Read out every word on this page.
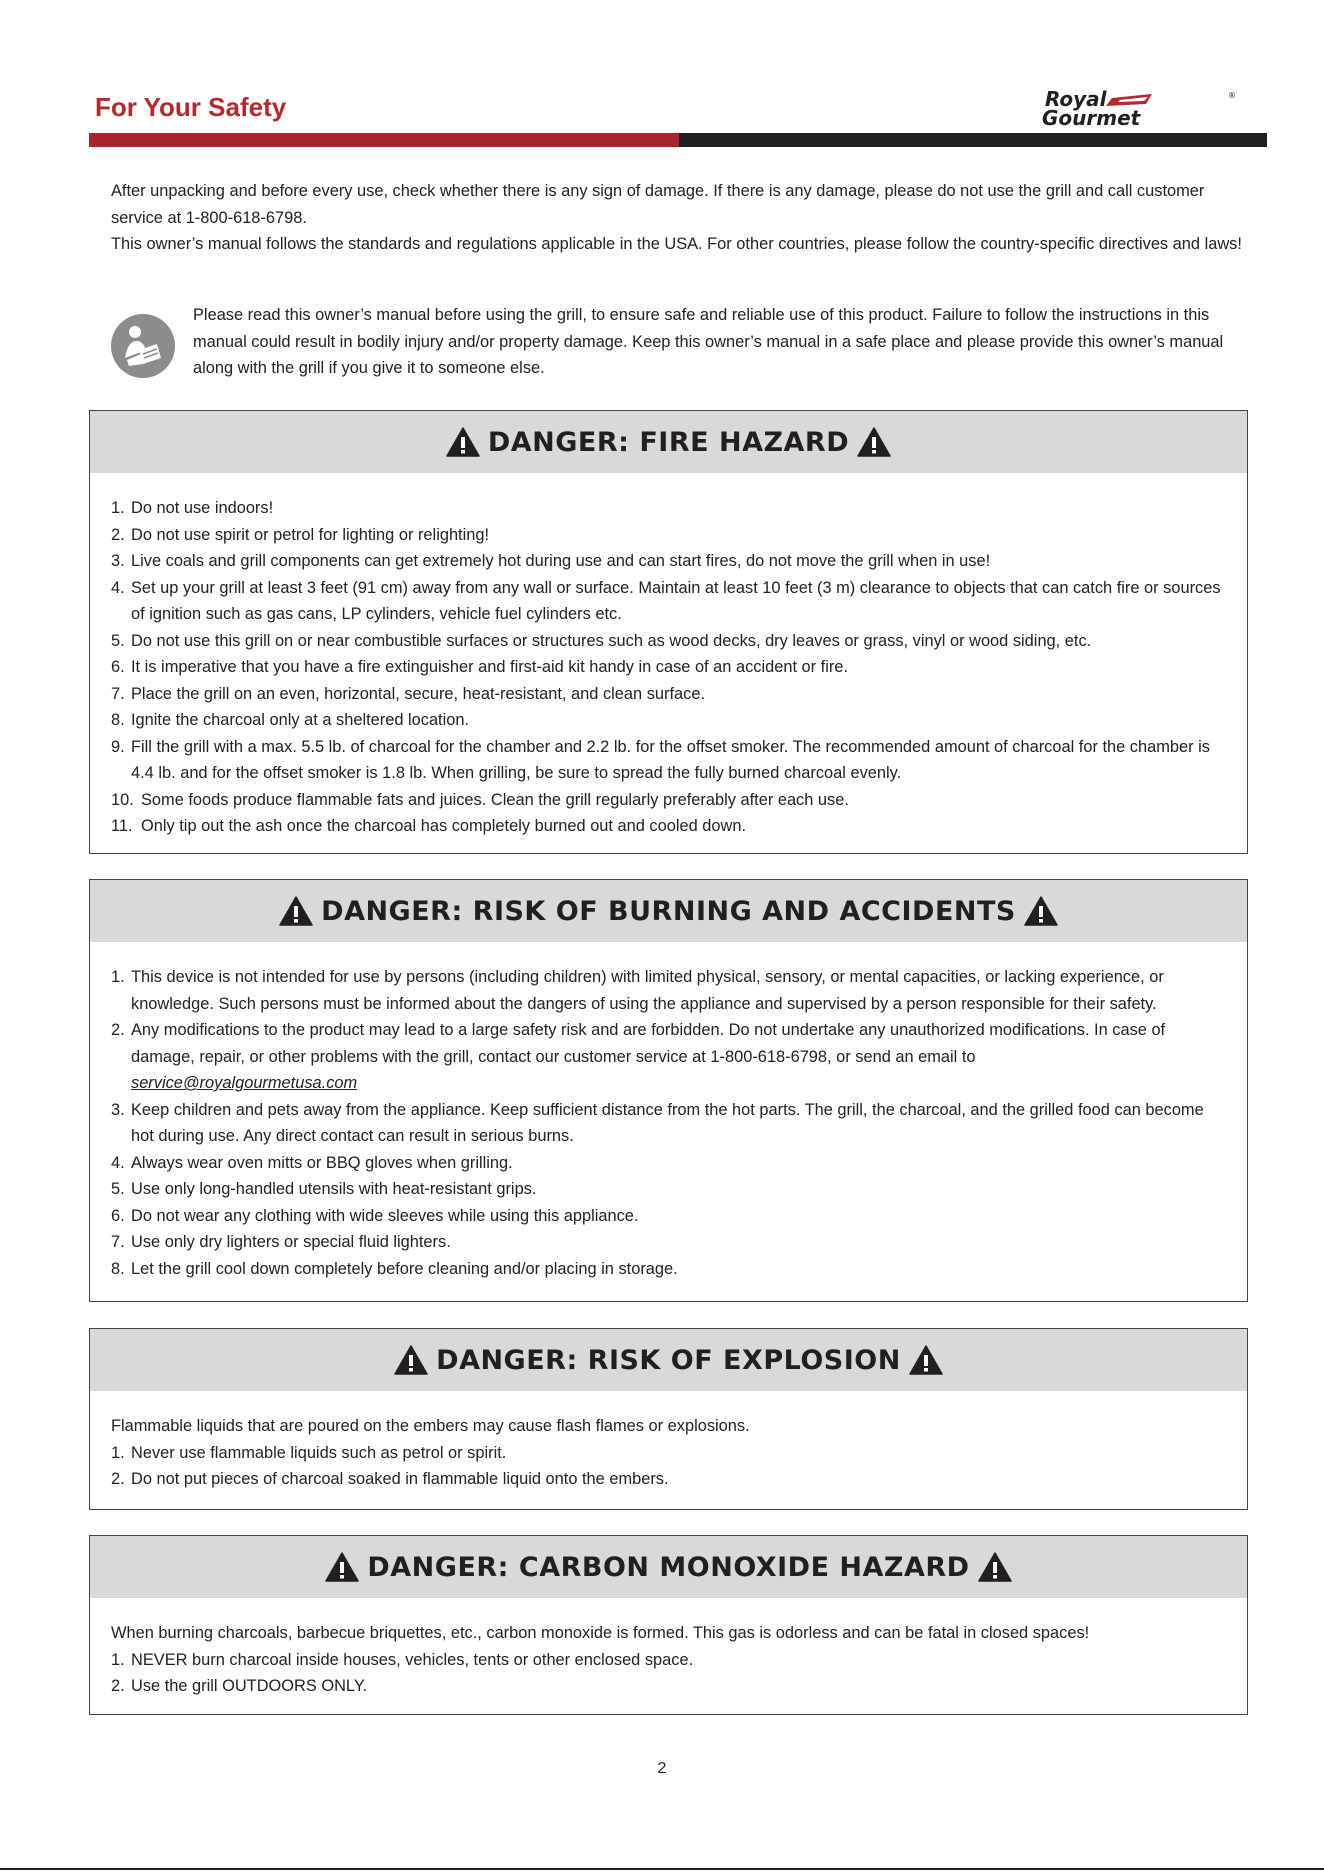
For Your Safety	Royal
Gourmet
®

After unpacking and before every use, check whether there is any sign of damage. If there is any damage, please do not use the grill and call customer service at 1-800-618-6798.

This owner’s manual follows the standards and regulations applicable in the USA. For other countries, please follow the country-specific directives and laws!

Please read this owner’s manual before using the grill, to ensure safe and reliable use of this product. Failure to follow the instructions in this manual could result in bodily injury and/or property damage. Keep this owner’s manual in a safe place and please provide this owner’s manual along with the grill if you give it to someone else.

DANGER: FIRE HAZARD
1. Do not use indoors!
2. Do not use spirit or petrol for lighting or relighting!
3. Live coals and grill components can get extremely hot during use and can start fires, do not move the grill when in use!
4. Set up your grill at least 3 feet (91 cm) away from any wall or surface. Maintain at least 10 feet (3 m) clearance to objects that can catch fire or sources of ignition such as gas cans, LP cylinders, vehicle fuel cylinders etc.
5. Do not use this grill on or near combustible surfaces or structures such as wood decks, dry leaves or grass, vinyl or wood siding, etc.
6. It is imperative that you have a fire extinguisher and first-aid kit handy in case of an accident or fire.
7. Place the grill on an even, horizontal, secure, heat-resistant, and clean surface.
8. Ignite the charcoal only at a sheltered location.
9. Fill the grill with a max. 5.5 lb. of charcoal for the chamber and 2.2 lb. for the offset smoker. The recommended amount of charcoal for the chamber is 4.4 lb. and for the offset smoker is 1.8 lb. When grilling, be sure to spread the fully burned charcoal evenly.
10. Some foods produce flammable fats and juices. Clean the grill regularly preferably after each use.
11. Only tip out the ash once the charcoal has completely burned out and cooled down.
DANGER: RISK OF BURNING AND ACCIDENTS
1. This device is not intended for use by persons (including children) with limited physical, sensory, or mental capacities, or lacking experience, or knowledge. Such persons must be informed about the dangers of using the appliance and supervised by a person responsible for their safety.
2. Any modifications to the product may lead to a large safety risk and are forbidden. Do not undertake any unauthorized modifications. In case of damage, repair, or other problems with the grill, contact our customer service at 1-800-618-6798, or send an email to
service@royalgourmetusa.com
3. Keep children and pets away from the appliance. Keep sufficient distance from the hot parts. The grill, the charcoal, and the grilled food can become hot during use. Any direct contact can result in serious burns.
4. Always wear oven mitts or BBQ gloves when grilling.
5. Use only long-handled utensils with heat-resistant grips.
6. Do not wear any clothing with wide sleeves while using this appliance.
7. Use only dry lighters or special fluid lighters.
8. Let the grill cool down completely before cleaning and/or placing in storage.
DANGER: RISK OF EXPLOSION

Flammable liquids that are poured on the embers may cause flash flames or explosions.

1. Never use flammable liquids such as petrol or spirit.
2. Do not put pieces of charcoal soaked in flammable liquid onto the embers.
DANGER: CARBON MONOXIDE HAZARD

When burning charcoals, barbecue briquettes, etc., carbon monoxide is formed. This gas is odorless and can be fatal in closed spaces!

1. NEVER burn charcoal inside houses, vehicles, tents or other enclosed space.
2. Use the grill OUTDOORS ONLY.

2
